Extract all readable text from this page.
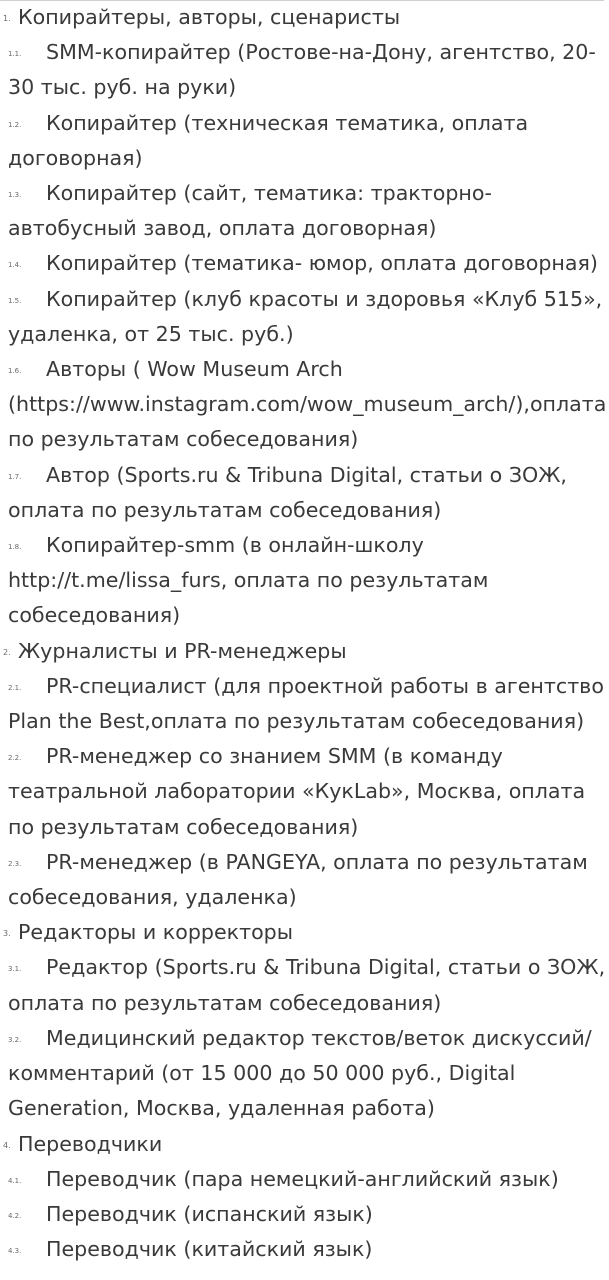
1. Копирайтеры, авторы, сценаристы

1.1. SMM-копирайтер (Ростове-на-Дону, агентство, 20-30 тыс. руб. на руки)

1.2. Копирайтер (техническая тематика, оплата договорная)

1.3. Копирайтер (сайт, тематика: тракторно-автобусный завод, оплата договорная)

1.4. Копирайтер (тематика- юмор, оплата договорная)

1.5. Копирайтер (клуб красоты и здоровья «Клуб 515», удаленка, от 25 тыс. руб.)

1.6. Авторы ( Wow Museum Arch (https://www.instagram.com/wow_museum_arch/),оплата по результатам собеседования)

1.7. Автор (Sports.ru & Tribuna Digital, статьи о ЗОЖ, оплата по результатам собеседования)

1.8. Копирайтер-smm (в онлайн-школу http://t.me/lissa_furs, оплата по результатам собеседования)

2. Журналисты и PR-менеджеры

2.1. PR-специалист (для проектной работы в агентство Plan the Best,оплата по результатам собеседования)

2.2. PR-менеджер со знанием SMM (в команду театральной лаборатории «КукLab», Москва, оплата по результатам собеседования)

2.3. PR-менеджер (в PANGEYA, оплата по результатам собеседования, удаленка)

3. Редакторы и корректоры

3.1. Редактор (Sports.ru & Tribuna Digital, статьи о ЗОЖ, оплата по результатам собеседования)

3.2. Медицинский редактор текстов/веток дискуссий/комментарий (от 15 000 до 50 000 руб., Digital Generation, Москва, удаленная работа)

4. Переводчики

4.1. Переводчик (пара немецкий-английский язык)

4.2. Переводчик (испанский язык)

4.3. Переводчик (китайский язык)
